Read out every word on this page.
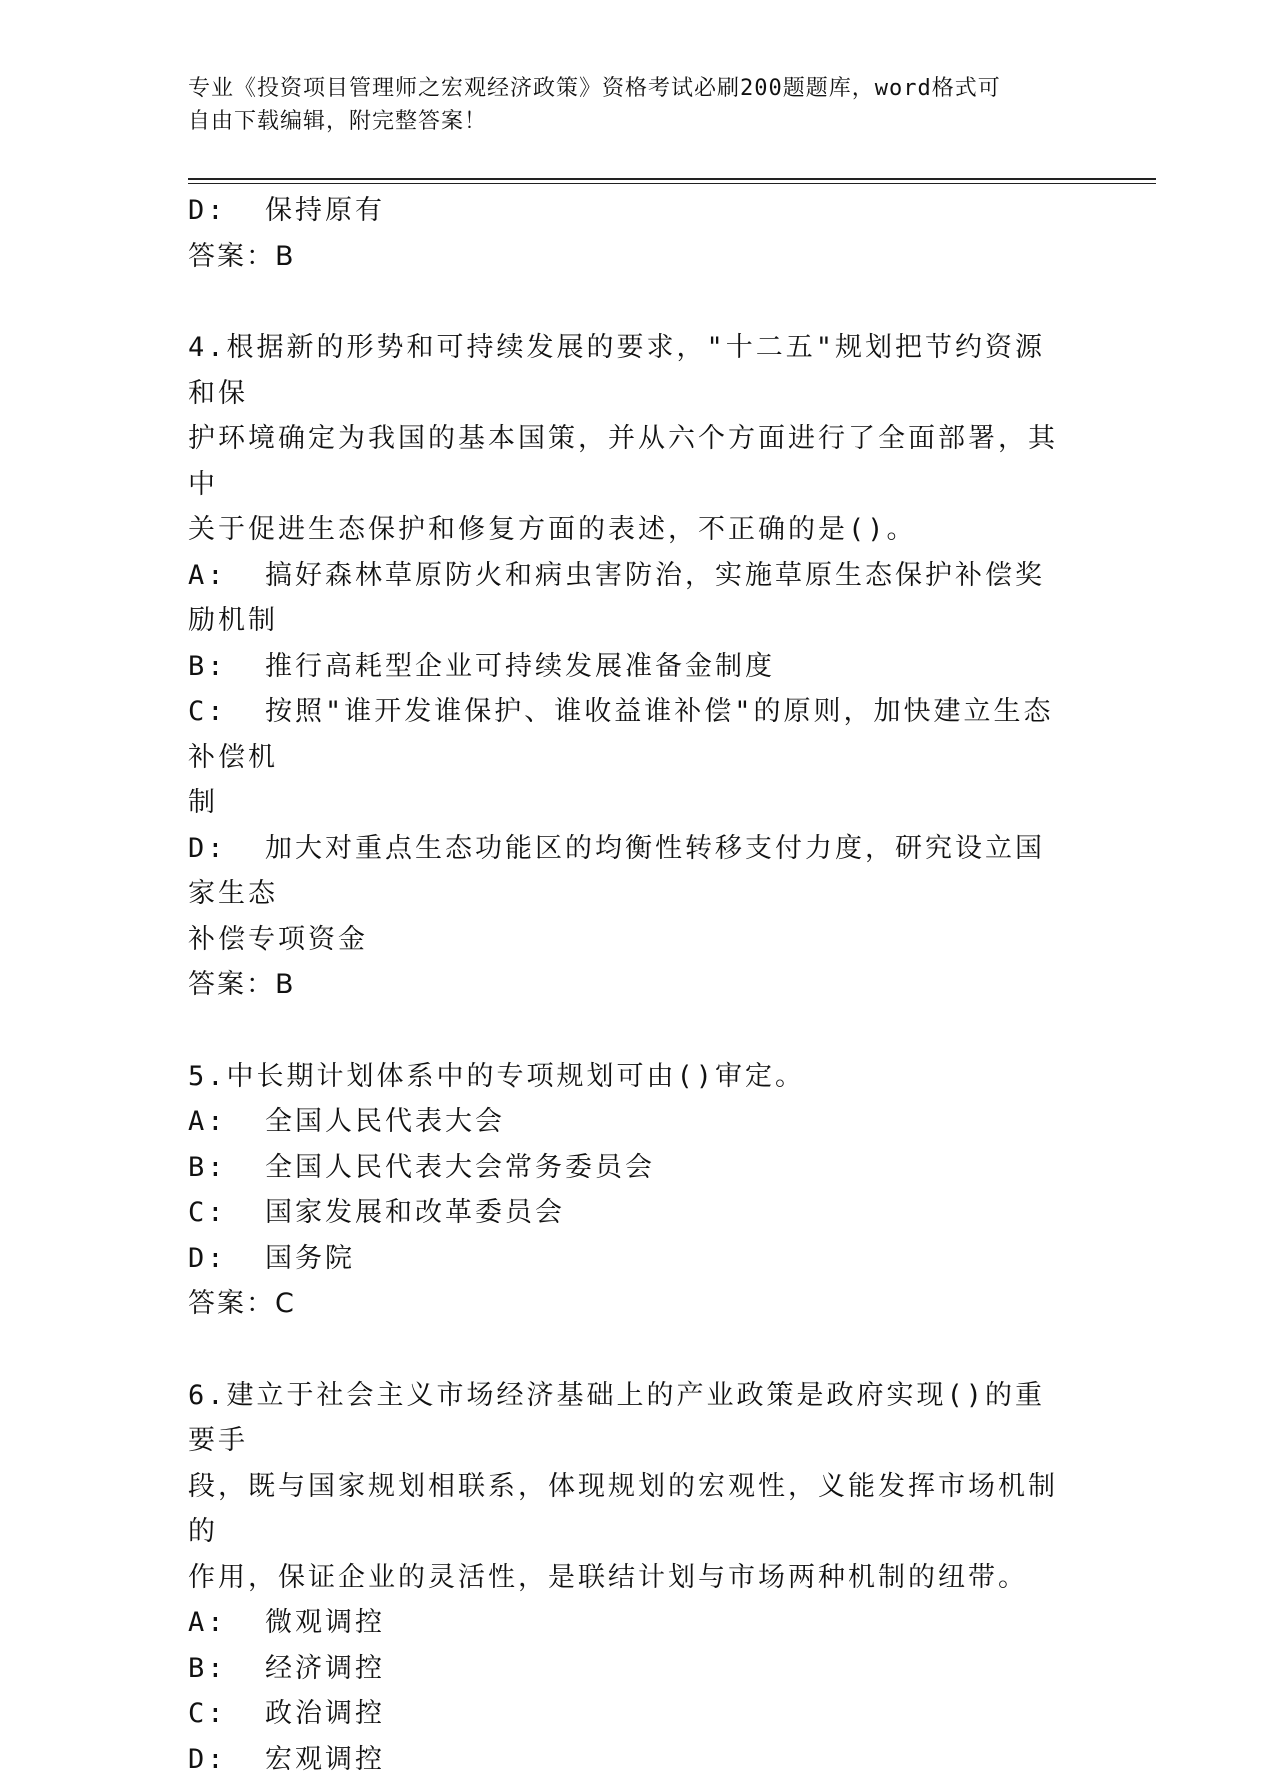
专业《投资项目管理师之宏观经济政策》资格考试必刷200题题库，word格式可
自由下载编辑，附完整答案！
D:  保持原有
答案：B
4.根据新的形势和可持续发展的要求，"十二五"规划把节约资源和保
护环境确定为我国的基本国策，并从六个方面进行了全面部署，其中
关于促进生态保护和修复方面的表述，不正确的是()。
A:  搞好森林草原防火和病虫害防治，实施草原生态保护补偿奖励机制
B:  推行高耗型企业可持续发展准备金制度
C:  按照"谁开发谁保护、谁收益谁补偿"的原则，加快建立生态补偿机
制
D:  加大对重点生态功能区的均衡性转移支付力度，研究设立国家生态
补偿专项资金
答案：B
5.中长期计划体系中的专项规划可由()审定。
A:  全国人民代表大会
B:  全国人民代表大会常务委员会
C:  国家发展和改革委员会
D:  国务院
答案：C
6.建立于社会主义市场经济基础上的产业政策是政府实现()的重要手
段，既与国家规划相联系，体现规划的宏观性，义能发挥市场机制的
作用，保证企业的灵活性，是联结计划与市场两种机制的纽带。
A:  微观调控
B:  经济调控
C:  政治调控
D:  宏观调控
